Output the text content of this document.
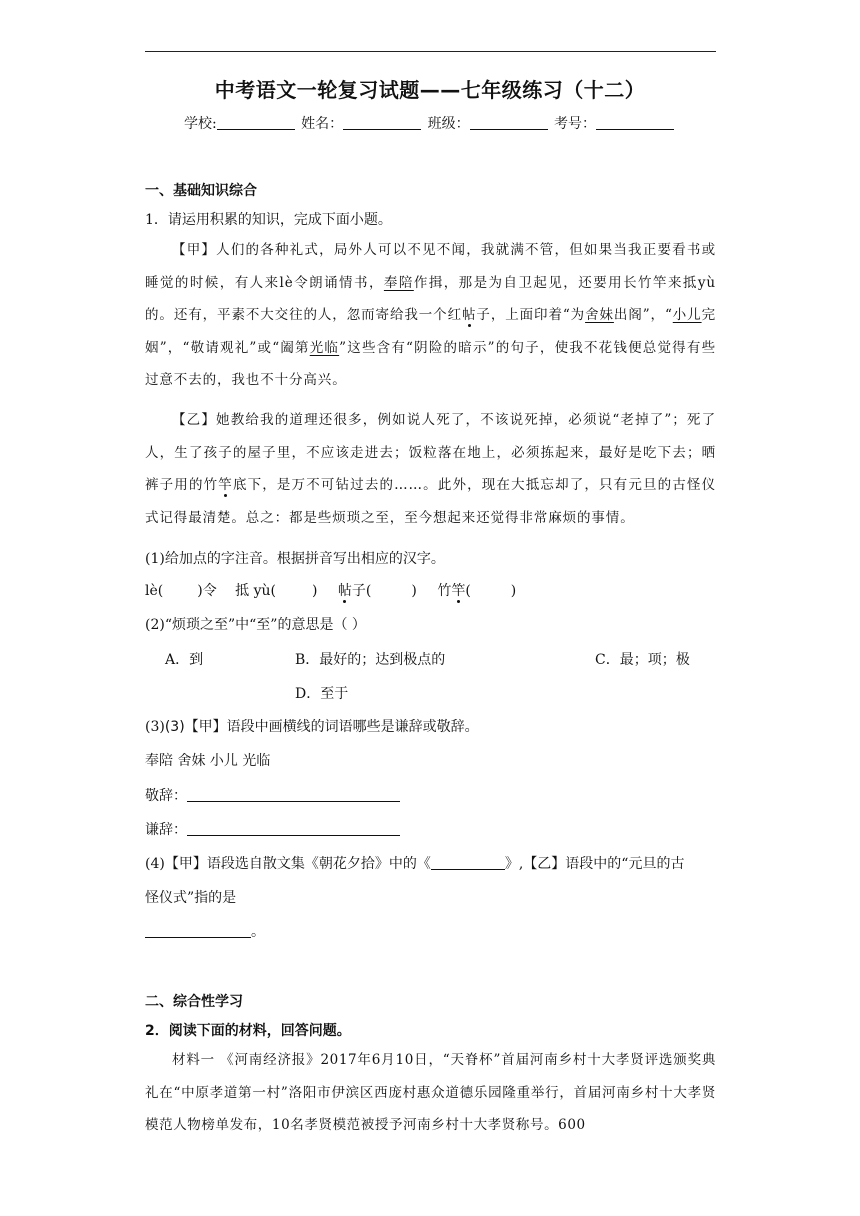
中考语文一轮复习试题——七年级练习（十二）
学校:	姓名：	班级：	考号：
一、基础知识综合
1．请运用积累的知识，完成下面小题。

【甲】人们的各种礼式，局外人可以不见不闻，我就满不管，但如果当我正要看书或睡觉的时候，有人来lè令朗诵情书，奉陪作揖，那是为自卫起见，还要用长竹竿来抵yù的。还有，平素不大交往的人，忽而寄给我一个红帖子，上面印着“为舍妹出阁”，“小儿完姻”，“敬请观礼”或“阖第光临”这些含有“阴险的暗示”的句子，使我不花钱便总觉得有些过意不去的，我也不十分高兴。

【乙】她教给我的道理还很多，例如说人死了，不该说死掉，必须说“老掉了”；死了人，生了孩子的屋子里，不应该走进去；饭粒落在地上，必须拣起来，最好是吃下去；晒裤子用的竹竿底下，是万不可钻过去的……。此外，现在大抵忘却了，只有元旦的古怪仪式记得最清楚。总之：都是些烦琐之至，至今想起来还觉得非常麻烦的事情。

(1)给加点的字注音。根据拼音写出相应的汉字。
lè( )令 抵 yù(	) 帖子(	) 竹竿(	)
(2)“烦琐之至”中“至”的意思是（ ）
A．到	B．最好的；达到极点的	C．最；项；极
D．至于
(3)(3)【甲】语段中画横线的词语哪些是谦辞或敬辞。
奉陪 舍妹 小儿 光临
敬辞：
谦辞：
(4)【甲】语段选自散文集《朝花夕拾》中的《	》,【乙】语段中的“元旦的古
怪仪式”指的是
。
二、综合性学习
2．阅读下面的材料，回答问题。

材料一 《河南经济报》2017年6月10日，“天脊杯”首届河南乡村十大孝贤评选颁奖典礼在“中原孝道第一村”洛阳市伊滨区西庞村惠众道德乐园隆重举行，首届河南乡村十大孝贤模范人物榜单发布，10名孝贤模范被授予河南乡村十大孝贤称号。600
